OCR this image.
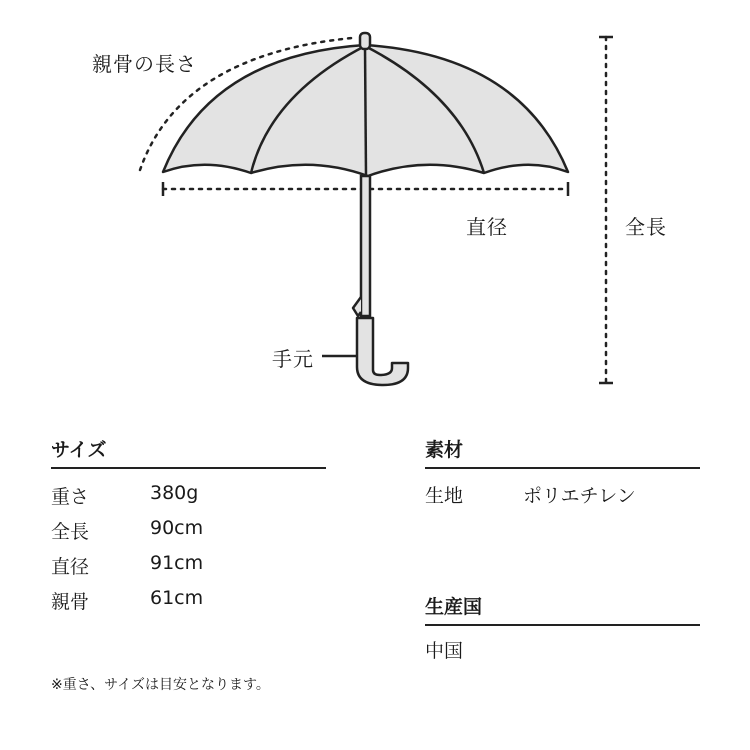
親骨の長さ
直径	全長
手元
サイズ
重さ	380g
全長	90cm
直径	91cm
親骨	61cm
素材
生地	ポリエチレン
生産国
中国
※重さ、サイズは目安となります。
